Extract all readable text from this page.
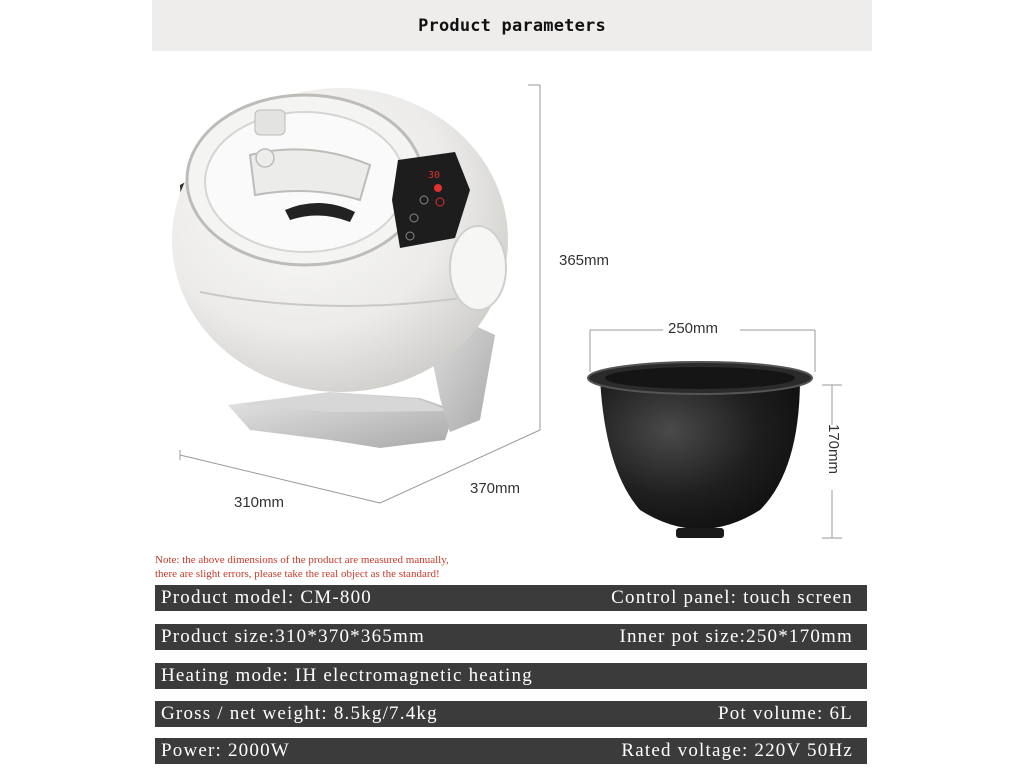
Product parameters
30
365mm
370mm
310mm
250mm
170mm
Note: the above dimensions of the product are measured manually,
there are slight errors, please take the real object as the standard!
Product model: CM-800	Control panel: touch screen
Product size:310*370*365mm	Inner pot size:250*170mm
Heating mode: IH electromagnetic heating
Gross / net weight: 8.5kg/7.4kg	Pot volume: 6L
Power: 2000W	Rated voltage: 220V 50Hz
